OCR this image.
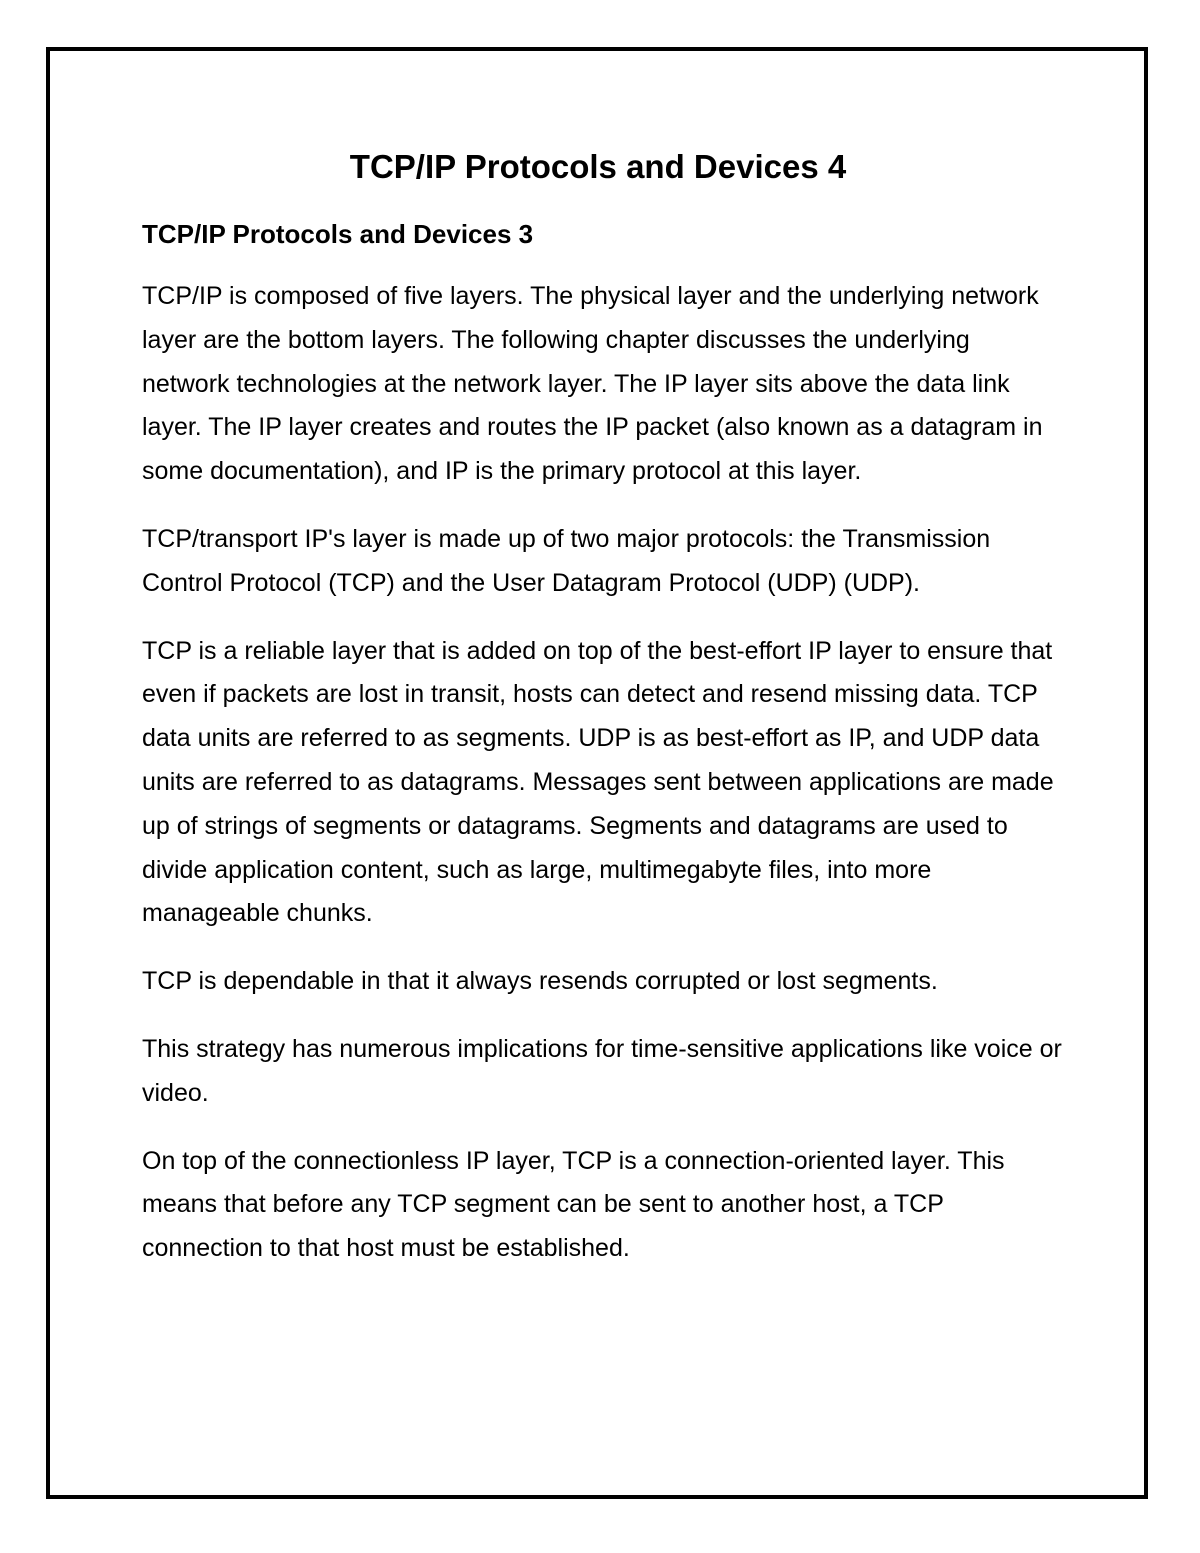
TCP/IP Protocols and Devices 4
TCP/IP Protocols and Devices 3

TCP/IP is composed of five layers. The physical layer and the underlying network layer are the bottom layers. The following chapter discusses the underlying network technologies at the network layer. The IP layer sits above the data link layer. The IP layer creates and routes the IP packet (also known as a datagram in some documentation), and IP is the primary protocol at this layer.

TCP/transport IP's layer is made up of two major protocols: the Transmission Control Protocol (TCP) and the User Datagram Protocol (UDP) (UDP).

TCP is a reliable layer that is added on top of the best-effort IP layer to ensure that even if packets are lost in transit, hosts can detect and resend missing data. TCP data units are referred to as segments. UDP is as best-effort as IP, and UDP data units are referred to as datagrams. Messages sent between applications are made up of strings of segments or datagrams. Segments and datagrams are used to divide application content, such as large, multimegabyte files, into more manageable chunks.

TCP is dependable in that it always resends corrupted or lost segments.

This strategy has numerous implications for time-sensitive applications like voice or video.

On top of the connectionless IP layer, TCP is a connection-oriented layer. This means that before any TCP segment can be sent to another host, a TCP connection to that host must be established.
